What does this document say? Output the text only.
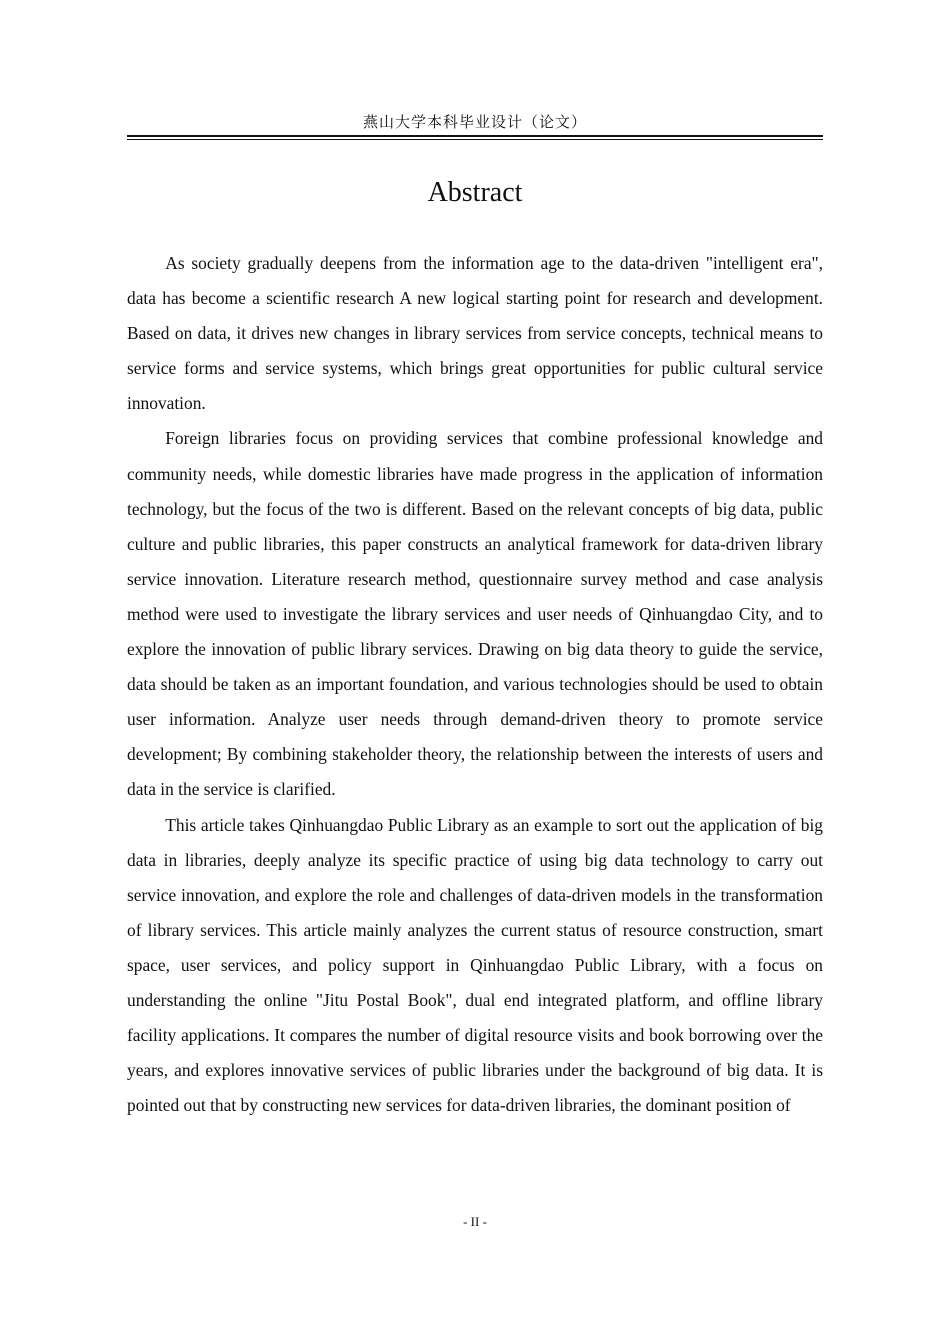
燕山大学本科毕业设计（论文）
Abstract

As society gradually deepens from the information age to the data-driven "intelligent era", data has become a scientific research A new logical starting point for research and development. Based on data, it drives new changes in library services from service concepts, technical means to service forms and service systems, which brings great opportunities for public cultural service innovation.

Foreign libraries focus on providing services that combine professional knowledge and community needs, while domestic libraries have made progress in the application of information technology, but the focus of the two is different. Based on the relevant concepts of big data, public culture and public libraries, this paper constructs an analytical framework for data-driven library service innovation. Literature research method, questionnaire survey method and case analysis method were used to investigate the library services and user needs of Qinhuangdao City, and to explore the innovation of public library services. Drawing on big data theory to guide the service, data should be taken as an important foundation, and various technologies should be used to obtain user information. Analyze user needs through demand-driven theory to promote service development; By combining stakeholder theory, the relationship between the interests of users and data in the service is clarified.

This article takes Qinhuangdao Public Library as an example to sort out the application of big data in libraries, deeply analyze its specific practice of using big data technology to carry out service innovation, and explore the role and challenges of data-driven models in the transformation of library services. This article mainly analyzes the current status of resource construction, smart space, user services, and policy support in Qinhuangdao Public Library, with a focus on understanding the online "Jitu Postal Book", dual end integrated platform, and offline library facility applications. It compares the number of digital resource visits and book borrowing over the years, and explores innovative services of public libraries under the background of big data. It is pointed out that by constructing new services for data-driven libraries, the dominant position of

- II -
